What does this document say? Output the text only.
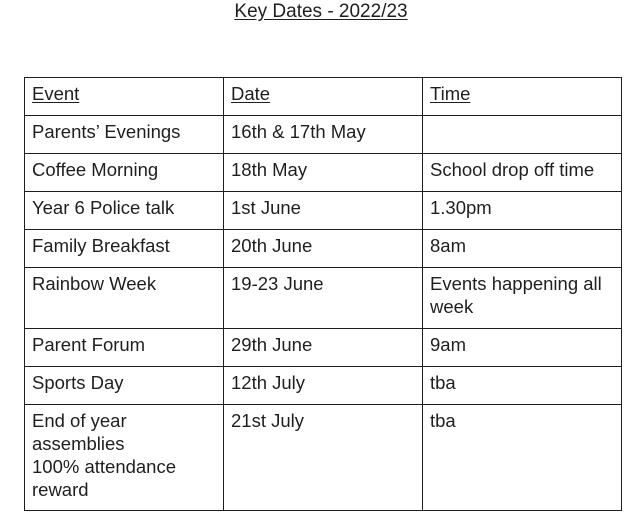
Key Dates - 2022/23
Event	Date	Time
Parents’ Evenings	16th & 17th May	
Coffee Morning	18th May	School drop off time
Year 6 Police talk	1st June	1.30pm
Family Breakfast	20th June	8am
Rainbow Week	19-23 June	Events happening all week
Parent Forum	29th June	9am
Sports Day	12th July	tba
End of year
assemblies
100% attendance
reward	21st July	tba
